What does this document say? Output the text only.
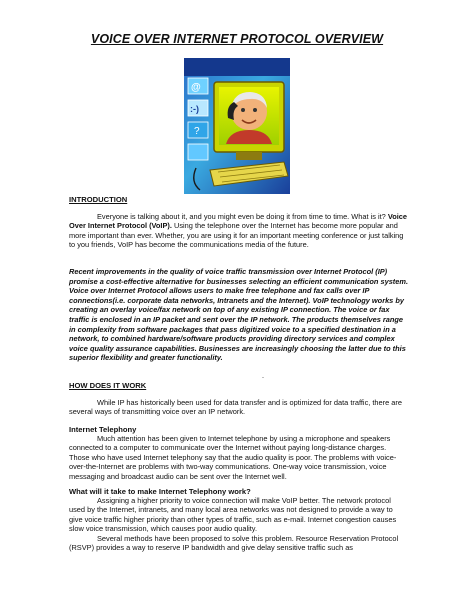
VOICE OVER INTERNET PROTOCOL OVERVIEW
@
:-)
?
INTRODUCTION
Everyone is talking about it, and you might even be doing it from time to time. What is it? Voice Over Internet Protocol (VoIP). Using the telephone over the Internet has become more popular and more important than ever. Whether, you are using it for an important meeting conference or just talking to you friends, VoIP has become the communications media of the future.
Recent improvements in the quality of voice traffic transmission over Internet Protocol (IP) promise a cost-effective alternative for businesses selecting an efficient communication system. Voice over Internet Protocol allows users to make free telephone and fax calls over IP connections(i.e. corporate data networks, Intranets and the Internet). VoIP technology works by creating an overlay voice/fax network on top of any existing IP connection. The voice or fax traffic is enclosed in an IP packet and sent over the IP network. The products themselves range in complexity from software packages that pass digitized voice to a specified destination in a network, to combined hardware/software products providing directory services and complex voice quality assurance capabilities. Businesses are increasingly choosing the latter due to this superior flexibility and greater functionality.
-
HOW DOES IT WORK
While IP has historically been used for data transfer and is optimized for data traffic, there are several ways of transmitting voice over an IP network.
Internet Telephony
Much attention has been given to Internet telephone by using a microphone and speakers connected to a computer to communicate over the Internet without paying long-distance charges. Those who have used Internet telephony say that the audio quality is poor. The problems with voice-over-the-Internet are problems with two-way communications. One-way voice transmission, voice messaging and broadcast audio can be sent over the Internet well.
What will it take to make Internet Telephony work?
Assigning a higher priority to voice connection will make VoIP better. The network protocol used by the Internet, intranets, and many local area networks was not designed to provide a way to give voice traffic higher priority than other types of traffic, such as e-mail. Internet congestion causes slow voice transmission, which causes poor audio quality.
Several methods have been proposed to solve this problem. Resource Reservation Protocol (RSVP) provides a way to reserve IP bandwidth and give delay sensitive traffic such as
